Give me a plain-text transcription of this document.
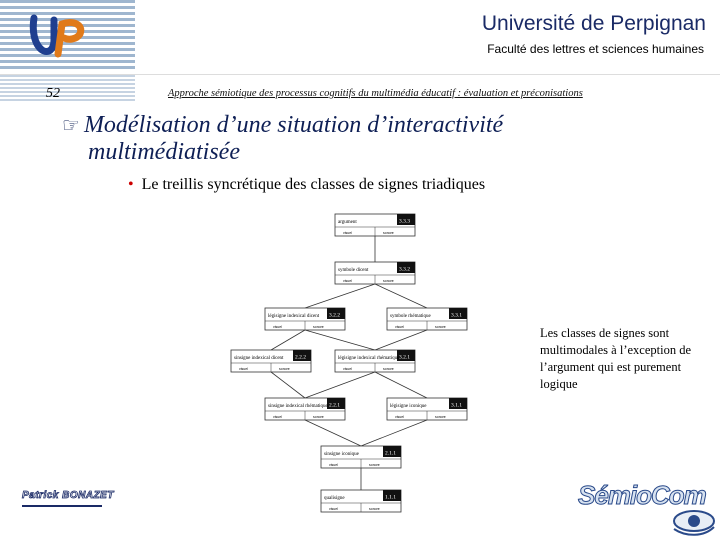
Université de Perpignan
Faculté des lettres et sciences humaines
52	Approche sémiotique des processus cognitifs du multimédia éducatif : évaluation et préconisations
☞ Modélisation d’une situation d’interactivité
multimédiatisée
• Le treillis syncrétique des classes de signes triadiques
argument	3.3.3
visuel	sonore
symbole dicent	3.3.2
visuel	sonore
légisigne indexical dicent 3.2.2
visuel	sonore
symbole rhématique	3.3.1
visuel	sonore
sinsigne indexical dicent 2.2.2
visuel	sonore
légisigne indexical rhématique 3.2.1
visuel	sonore
sinsigne indexical rhématique 2.2.1
visuel	sonore
légisigne iconique	3.1.1
visuel	sonore
sinsigne iconique	2.1.1
visuel	sonore
qualisigne	1.1.1
visuel	sonore
Les classes de signes sont multimodales à l’exception de l’argument qui est purement logique
Patrick BONAZET	SémioCom
